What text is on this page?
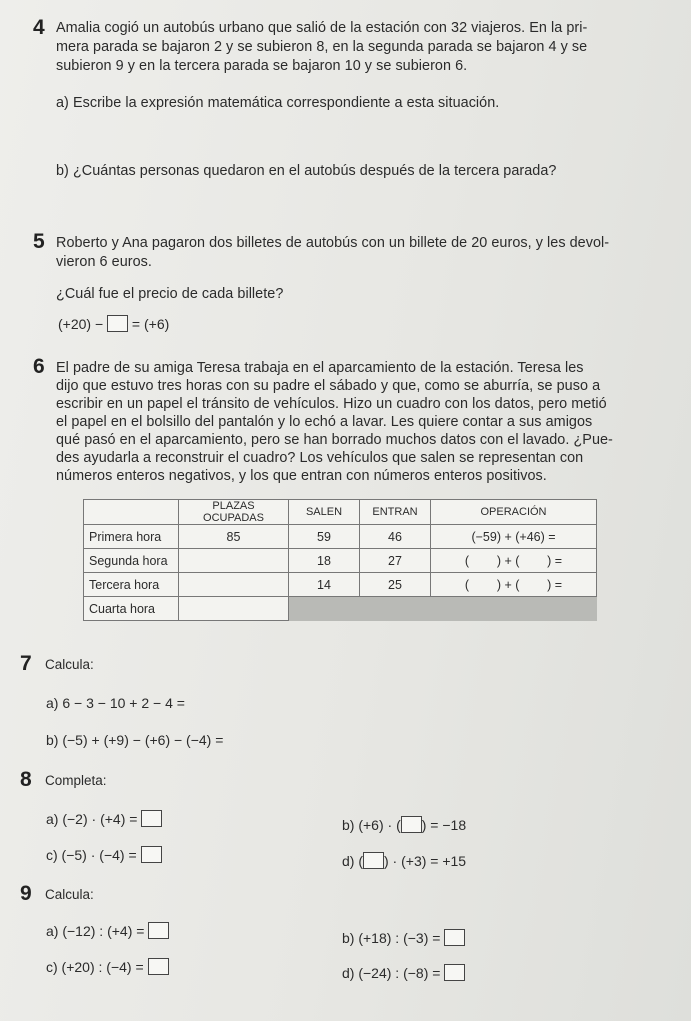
4 Amalia cogió un autobús urbano que salió de la estación con 32 viajeros. En la pri-
mera parada se bajaron 2 y se subieron 8, en la segunda parada se bajaron 4 y se
subieron 9 y en la tercera parada se bajaron 10 y se subieron 6.
a) Escribe la expresión matemática correspondiente a esta situación.
b) ¿Cuántas personas quedaron en el autobús después de la tercera parada?
5 Roberto y Ana pagaron dos billetes de autobús con un billete de 20 euros, y les devol-
vieron 6 euros.
¿Cuál fue el precio de cada billete?
(+20) − = (+6)
6 El padre de su amiga Teresa trabaja en el aparcamiento de la estación. Teresa les
dijo que estuvo tres horas con su padre el sábado y que, como se aburría, se puso a
escribir en un papel el tránsito de vehículos. Hizo un cuadro con los datos, pero metió
el papel en el bolsillo del pantalón y lo echó a lavar. Les quiere contar a sus amigos
qué pasó en el aparcamiento, pero se han borrado muchos datos con el lavado. ¿Pue-
des ayudarla a reconstruir el cuadro? Los vehículos que salen se representan con
números enteros negativos, y los que entran con números enteros positivos.
	PLAZAS OCUPADAS	SALEN	ENTRAN	OPERACIÓN
Primera hora	85	59	46	(−59) + (+46) =
Segunda hora		18	27	(        ) + (        ) =
Tercera hora		14	25	(        ) + (        ) =
Cuarta hora				
7 Calcula:
a) 6 − 3 − 10 + 2 − 4 =
b) (−5) + (+9) − (+6) − (−4) =
8 Completa:
a) (−2) · (+4) =	b) (+6) · ( ) = −18
c) (−5) · (−4) =	d) ( ) · (+3) = +15
9 Calcula:
a) (−12) : (+4) =	b) (+18) : (−3) =
c) (+20) : (−4) =	d) (−24) : (−8) =
